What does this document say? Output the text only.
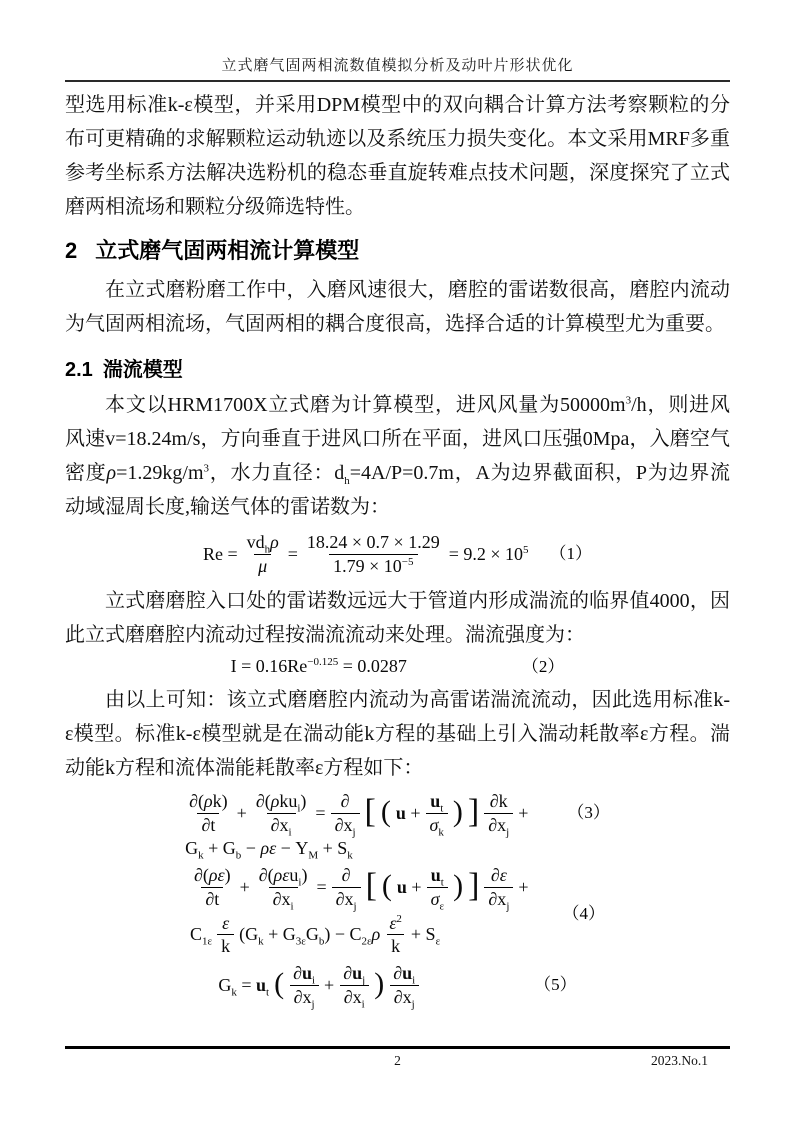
立式磨气固两相流数值模拟分析及动叶片形状优化

型选用标准k-ε模型，并采用DPM模型中的双向耦合计算方法考察颗粒的分布可更精确的求解颗粒运动轨迹以及系统压力损失变化。本文采用MRF多重参考坐标系方法解决选粉机的稳态垂直旋转难点技术问题，深度探究了立式磨两相流场和颗粒分级筛选特性。

2 立式磨气固两相流计算模型

在立式磨粉磨工作中，入磨风速很大，磨腔的雷诺数很高，磨腔内流动为气固两相流场，气固两相的耦合度很高，选择合适的计算模型尤为重要。

2.1 湍流模型

本文以HRM1700X立式磨为计算模型，进风风量为$50000m^3/h$，则进风风速v=18.24m/s，方向垂直于进风口所在平面，进风口压强0Mpa，入磨空气密度$\rho=1.29kg/m^3$，水力直径：$d_h=4A/P=0.7m$，A为边界截面积，P为边界流动域湿周长度,输送气体的雷诺数为：

$Re = \frac{vd_h\rho}{\mu} = \frac{18.24 \times 0.7 \times 1.29}{1.79 \times 10^{-5}} = 9.2 \times 10^5$ （1）

立式磨磨腔入口处的雷诺数远远大于管道内形成湍流的临界值4000，因此立式磨磨腔内流动过程按湍流流动来处理。湍流强度为：

$I = 0.16Re^{-0.125} = 0.0287$	（2）

由以上可知：该立式磨磨腔内流动为高雷诺湍流流动，因此选用标准k-ε模型。标准k-ε模型就是在湍动能k方程的基础上引入湍动耗散率ε方程。湍动能k方程和流体湍能耗散率ε方程如下：

$\frac{\partial(\rho k)}{\partial t} + \frac{\partial(\rho ku_i)}{\partial x_i} = \frac{\partial}{\partial x_j}$ [ ( $u + \frac{u_t}{\sigma_k}$ ) ] $\frac{\partial k}{\partial x_j} + (3)$
$G_k + G_b - \rho\varepsilon - Y_M + S_k$
$\frac{\partial(\rho\varepsilon)}{\partial t} + \frac{\partial(\rho\varepsilon u_i)}{\partial x_i} = \frac{\partial}{\partial x_j}$ [ ( $u + \frac{u_t}{\sigma_\varepsilon}$ ) ] $\frac{\partial\varepsilon}{\partial x_j}$ +
$C_{1\varepsilon} \frac{\varepsilon}{k} (G_k + G_{3\varepsilon}G_b) - C_{2\varepsilon}\rho \frac{\varepsilon^2}{k} + S_\varepsilon$
（4）
$G_k = u_t$ ( $\frac{\partial u_i}{\partial x_j} + \frac{\partial u_j}{\partial x_i}$ ) $\frac{\partial u_i}{\partial x_j}$	（5）
2	2023.No.1
